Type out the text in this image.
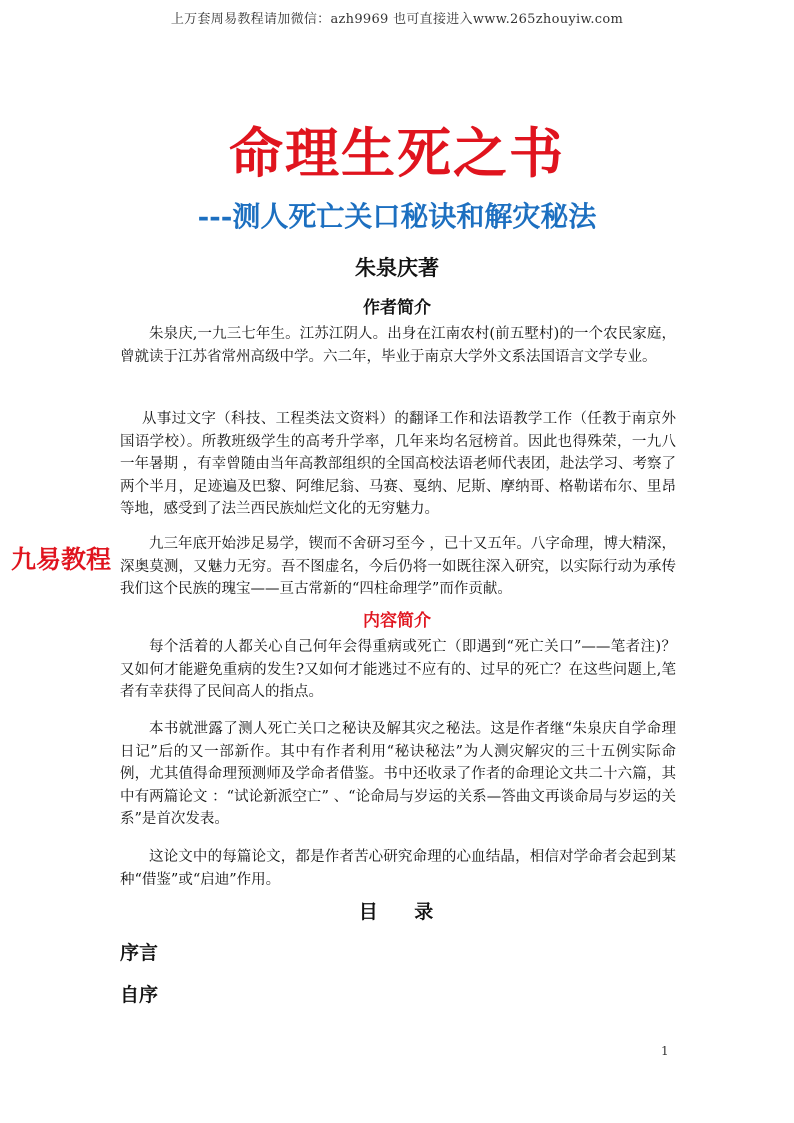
上万套周易教程请加微信：azh9969 也可直接进入www.265zhouyiw.com
命理生死之书
---测人死亡关口秘诀和解灾秘法
朱泉庆著
作者简介
朱泉庆,一九三七年生。江苏江阴人。出身在江南农村(前五墅村)的一个农民家庭，曾就读于江苏省常州高级中学。六二年，毕业于南京大学外文系法国语言文学专业。
从事过文字（科技、工程类法文资料）的翻译工作和法语教学工作（任教于南京外国语学校）。所教班级学生的高考升学率，几年来均名冠榜首。因此也得殊荣，一九八一年暑期 ，有幸曾随由当年高教部组织的全国高校法语老师代表团，赴法学习、考察了两个半月，足迹遍及巴黎、阿维尼翁、马赛、戛纳、尼斯、摩纳哥、格勒诺布尔、里昂等地，感受到了法兰西民族灿烂文化的无穷魅力。
九三年底开始涉足易学，锲而不舍研习至今 ，已十又五年。八字命理，博大精深，深奥莫测，又魅力无穷。吾不图虚名，今后仍将一如既往深入研究，以实际行动为承传我们这个民族的瑰宝——亘古常新的“四柱命理学”而作贡献。
内容简介
每个活着的人都关心自己何年会得重病或死亡（即遇到“死亡关口”——笔者注)？又如何才能避免重病的发生?又如何才能逃过不应有的、过早的死亡？在这些问题上,笔者有幸获得了民间高人的指点。
本书就泄露了测人死亡关口之秘诀及解其灾之秘法。这是作者继“朱泉庆自学命理日记”后的又一部新作。其中有作者利用“秘诀秘法”为人测灾解灾的三十五例实际命例，尤其值得命理预测师及学命者借鉴。书中还收录了作者的命理论文共二十六篇，其中有两篇论文 ：“试论新派空亡” 、“论命局与岁运的关系—答曲文再谈命局与岁运的关系”是首次发表。
这论文中的每篇论文，都是作者苦心研究命理的心血结晶，相信对学命者会起到某种“借鉴”或“启迪”作用。
目    录
序言
自序
九易教程
1
